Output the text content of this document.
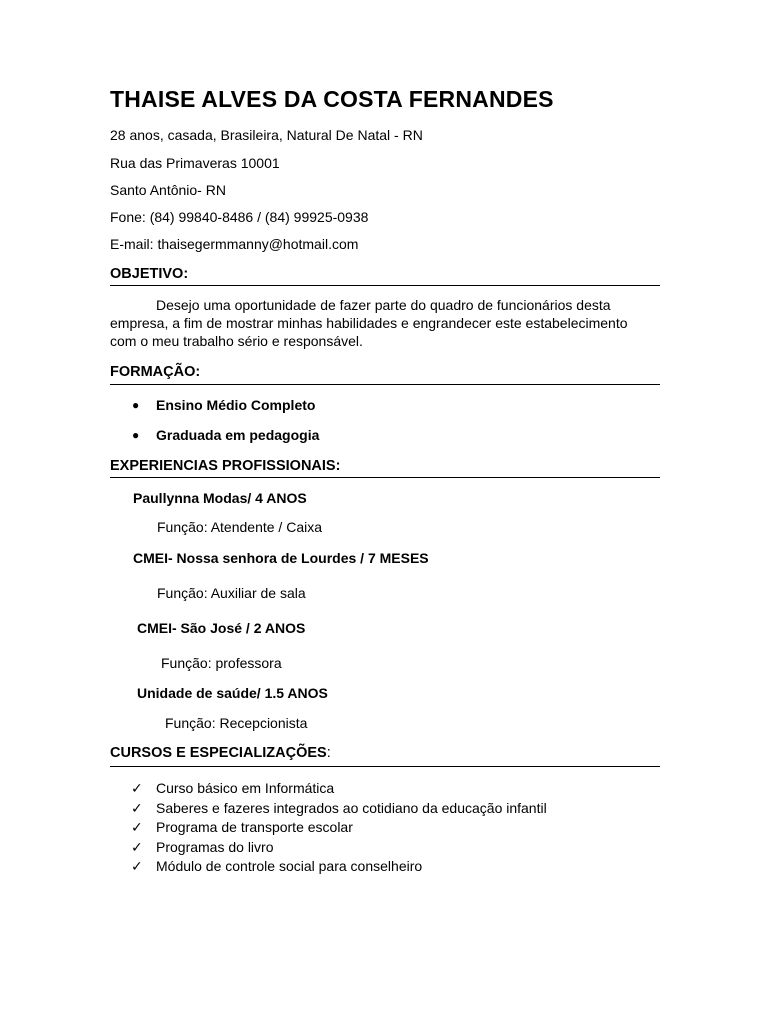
THAISE ALVES DA COSTA FERNANDES
28 anos, casada, Brasileira, Natural De Natal - RN
Rua das Primaveras 10001
Santo Antônio- RN
Fone: (84) 99840-8486 / (84) 99925-0938
E-mail: thaisegermmanny@hotmail.com
OBJETIVO:
Desejo uma oportunidade de fazer parte do quadro de funcionários desta empresa, a fim de mostrar minhas habilidades e engrandecer este estabelecimento com o meu trabalho sério e responsável.
FORMAÇÃO:
● Ensino Médio Completo
● Graduada em pedagogia
EXPERIENCIAS PROFISSIONAIS:
Paullynna Modas/ 4 ANOS
Função: Atendente / Caixa
CMEI- Nossa senhora de Lourdes / 7 MESES
Função: Auxiliar de sala
CMEI- São José / 2 ANOS
Função: professora
Unidade de saúde/ 1.5 ANOS
Função: Recepcionista
CURSOS E ESPECIALIZAÇÕES:
✓ Curso básico em Informática
✓ Saberes e fazeres integrados ao cotidiano da educação infantil
✓ Programa de transporte escolar
✓ Programas do livro
✓ Módulo de controle social para conselheiro
